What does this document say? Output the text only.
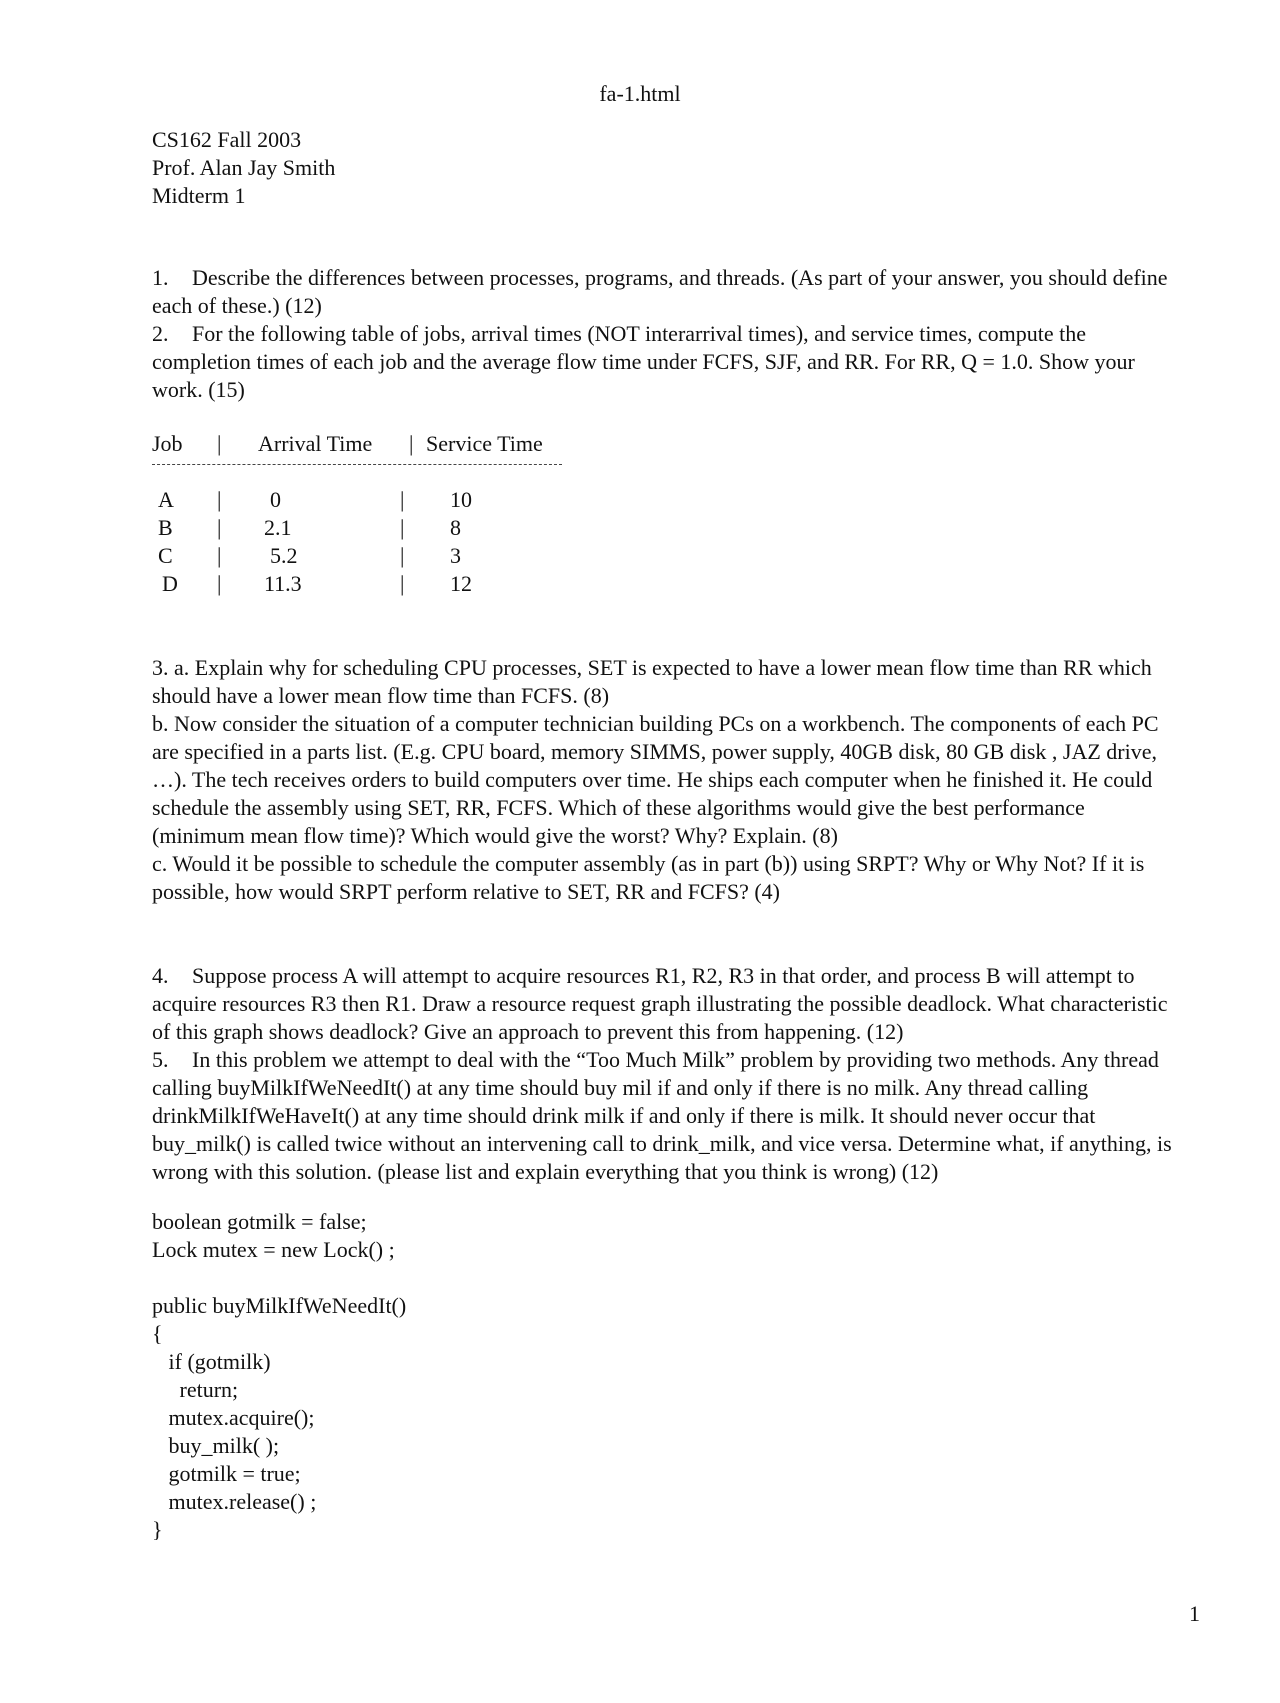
fa-1.html
CS162 Fall 2003
Prof. Alan Jay Smith
Midterm 1
1. Describe the differences between processes, programs, and threads. (As part of your answer, you should define each of these.) (12)
2. For the following table of jobs, arrival times (NOT interarrival times), and service times, compute the completion times of each job and the average flow time under FCFS, SJF, and RR. For RR, Q = 1.0. Show your work. (15)
Job | Arrival Time | Service Time
A | 0	| 10
B | 2.1	| 8
C | 5.2	| 3
D | 11.3	| 12
3. a. Explain why for scheduling CPU processes, SET is expected to have a lower mean flow time than RR which should have a lower mean flow time than FCFS. (8)
b. Now consider the situation of a computer technician building PCs on a workbench. The components of each PC are specified in a parts list. (E.g. CPU board, memory SIMMS, power supply, 40GB disk, 80 GB disk , JAZ drive, …). The tech receives orders to build computers over time. He ships each computer when he finished it. He could schedule the assembly using SET, RR, FCFS. Which of these algorithms would give the best performance (minimum mean flow time)? Which would give the worst? Why? Explain. (8)
c. Would it be possible to schedule the computer assembly (as in part (b)) using SRPT? Why or Why Not? If it is possible, how would SRPT perform relative to SET, RR and FCFS? (4)
4. Suppose process A will attempt to acquire resources R1, R2, R3 in that order, and process B will attempt to acquire resources R3 then R1. Draw a resource request graph illustrating the possible deadlock. What characteristic of this graph shows deadlock? Give an approach to prevent this from happening. (12)
5. In this problem we attempt to deal with the “Too Much Milk” problem by providing two methods. Any thread calling buyMilkIfWeNeedIt() at any time should buy mil if and only if there is no milk. Any thread calling drinkMilkIfWeHaveIt() at any time should drink milk if and only if there is milk. It should never occur that buy_milk() is called twice without an intervening call to drink_milk, and vice versa. Determine what, if anything, is wrong with this solution. (please list and explain everything that you think is wrong) (12)
boolean gotmilk = false;
Lock mutex = new Lock() ;
public buyMilkIfWeNeedIt()
{
if (gotmilk)
return;
mutex.acquire();
buy_milk( );
gotmilk = true;
mutex.release() ;
}
1
